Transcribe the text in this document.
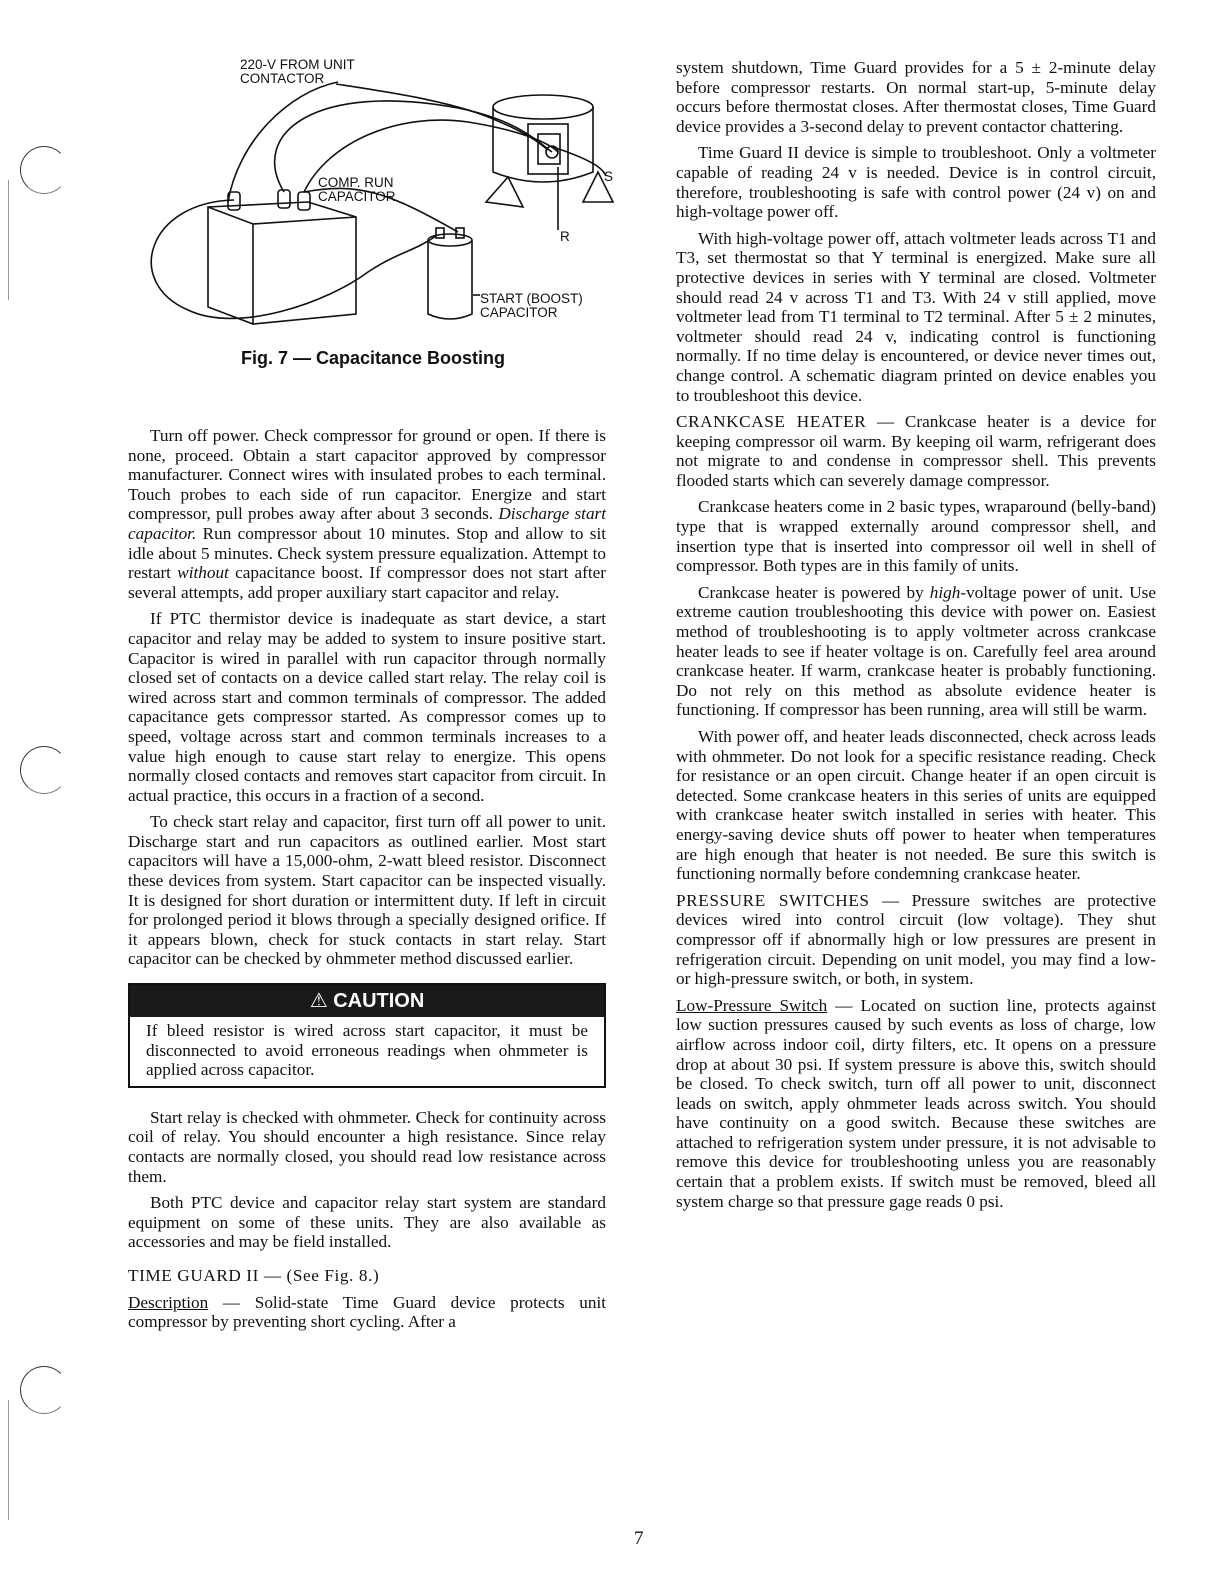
220-V FROM UNIT
CONTACTOR
COMP. RUN
CAPACITOR
START (BOOST)
CAPACITOR
S
R
Fig. 7 — Capacitance Boosting

Turn off power. Check compressor for ground or open. If there is none, proceed. Obtain a start capacitor approved by compressor manufacturer. Connect wires with insulated probes to each terminal. Touch probes to each side of run capacitor. Energize and start compressor, pull probes away after about 3 seconds. Discharge start capacitor. Run compressor about 10 minutes. Stop and allow to sit idle about 5 minutes. Check system pressure equalization. Attempt to restart without capacitance boost. If compressor does not start after several attempts, add proper auxiliary start capacitor and relay.

If PTC thermistor device is inadequate as start device, a start capacitor and relay may be added to system to insure positive start. Capacitor is wired in parallel with run capacitor through normally closed set of contacts on a device called start relay. The relay coil is wired across start and common terminals of compressor. The added capacitance gets compressor started. As compressor comes up to speed, voltage across start and common terminals increases to a value high enough to cause start relay to energize. This opens normally closed contacts and removes start capacitor from circuit. In actual practice, this occurs in a fraction of a second.

To check start relay and capacitor, first turn off all power to unit. Discharge start and run capacitors as outlined earlier. Most start capacitors will have a 15,000-ohm, 2-watt bleed resistor. Disconnect these devices from system. Start capacitor can be inspected visually. It is designed for short duration or intermittent duty. If left in circuit for prolonged period it blows through a specially designed orifice. If it appears blown, check for stuck contacts in start relay. Start capacitor can be checked by ohmmeter method discussed earlier.

⚠ CAUTION
If bleed resistor is wired across start capacitor, it must be disconnected to avoid erroneous readings when ohmmeter is applied across capacitor.

Start relay is checked with ohmmeter. Check for continuity across coil of relay. You should encounter a high resistance. Since relay contacts are normally closed, you should read low resistance across them.

Both PTC device and capacitor relay start system are standard equipment on some of these units. They are also available as accessories and may be field installed.

TIME GUARD II — (See Fig. 8.)

Description — Solid-state Time Guard device protects unit compressor by preventing short cycling. After a

system shutdown, Time Guard provides for a 5 ± 2-minute delay before compressor restarts. On normal start-up, 5-minute delay occurs before thermostat closes. After thermostat closes, Time Guard device provides a 3-second delay to prevent contactor chattering.

Time Guard II device is simple to troubleshoot. Only a voltmeter capable of reading 24 v is needed. Device is in control circuit, therefore, troubleshooting is safe with control power (24 v) on and high-voltage power off.

With high-voltage power off, attach voltmeter leads across T1 and T3, set thermostat so that Y terminal is energized. Make sure all protective devices in series with Y terminal are closed. Voltmeter should read 24 v across T1 and T3. With 24 v still applied, move voltmeter lead from T1 terminal to T2 terminal. After 5 ± 2 minutes, voltmeter should read 24 v, indicating control is functioning normally. If no time delay is encountered, or device never times out, change control. A schematic diagram printed on device enables you to troubleshoot this device.

CRANKCASE HEATER — Crankcase heater is a device for keeping compressor oil warm. By keeping oil warm, refrigerant does not migrate to and condense in compressor shell. This prevents flooded starts which can severely damage compressor.

Crankcase heaters come in 2 basic types, wraparound (belly-band) type that is wrapped externally around compressor shell, and insertion type that is inserted into compressor oil well in shell of compressor. Both types are in this family of units.

Crankcase heater is powered by high-voltage power of unit. Use extreme caution troubleshooting this device with power on. Easiest method of troubleshooting is to apply voltmeter across crankcase heater leads to see if heater voltage is on. Carefully feel area around crankcase heater. If warm, crankcase heater is probably functioning. Do not rely on this method as absolute evidence heater is functioning. If compressor has been running, area will still be warm.

With power off, and heater leads disconnected, check across leads with ohmmeter. Do not look for a specific resistance reading. Check for resistance or an open circuit. Change heater if an open circuit is detected. Some crankcase heaters in this series of units are equipped with crankcase heater switch installed in series with heater. This energy-saving device shuts off power to heater when temperatures are high enough that heater is not needed. Be sure this switch is functioning normally before condemning crankcase heater.

PRESSURE SWITCHES — Pressure switches are protective devices wired into control circuit (low voltage). They shut compressor off if abnormally high or low pressures are present in refrigeration circuit. Depending on unit model, you may find a low- or high-pressure switch, or both, in system.

Low-Pressure Switch — Located on suction line, protects against low suction pressures caused by such events as loss of charge, low airflow across indoor coil, dirty filters, etc. It opens on a pressure drop at about 30 psi. If system pressure is above this, switch should be closed. To check switch, turn off all power to unit, disconnect leads on switch, apply ohmmeter leads across switch. You should have continuity on a good switch. Because these switches are attached to refrigeration system under pressure, it is not advisable to remove this device for troubleshooting unless you are reasonably certain that a problem exists. If switch must be removed, bleed all system charge so that pressure gage reads 0 psi.

7
